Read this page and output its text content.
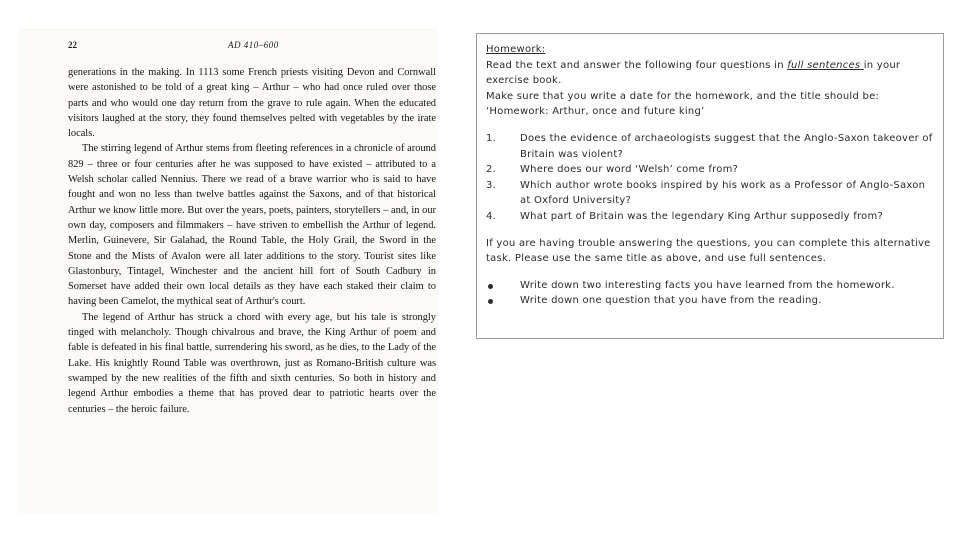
22	AD 410–600

generations in the making. In 1113 some French priests visiting Devon and Cornwall were astonished to be told of a great king – Arthur – who had once ruled over those parts and who would one day return from the grave to rule again. When the educated visitors laughed at the story, they found themselves pelted with vegetables by the irate locals.

The stirring legend of Arthur stems from fleeting references in a chronicle of around 829 – three or four centuries after he was supposed to have existed – attributed to a Welsh scholar called Nennius. There we read of a brave warrior who is said to have fought and won no less than twelve battles against the Saxons, and of that historical Arthur we know little more. But over the years, poets, painters, storytellers – and, in our own day, composers and filmmakers – have striven to embellish the Arthur of legend. Merlin, Guinevere, Sir Galahad, the Round Table, the Holy Grail, the Sword in the Stone and the Mists of Avalon were all later additions to the story. Tourist sites like Glastonbury, Tintagel, Winchester and the ancient hill fort of South Cadbury in Somerset have added their own local details as they have each staked their claim to having been Camelot, the mythical seat of Arthur's court.

The legend of Arthur has struck a chord with every age, but his tale is strongly tinged with melancholy. Though chivalrous and brave, the King Arthur of poem and fable is defeated in his final battle, surrendering his sword, as he dies, to the Lady of the Lake. His knightly Round Table was overthrown, just as Romano-British culture was swamped by the new realities of the fifth and sixth centuries. So both in history and legend Arthur embodies a theme that has proved dear to patriotic hearts over the centuries – the heroic failure.

Homework:
Read the text and answer the following four questions in full sentences in your exercise book.
Make sure that you write a date for the homework, and the title should be: ‘Homework: Arthur, once and future king’
1. Does the evidence of archaeologists suggest that the Anglo-Saxon takeover of Britain was violent?
2. Where does our word ‘Welsh’ come from?
3. Which author wrote books inspired by his work as a Professor of Anglo-Saxon at Oxford University?
4. What part of Britain was the legendary King Arthur supposedly from?
If you are having trouble answering the questions, you can complete this alternative task. Please use the same title as above, and use full sentences.
Write down two interesting facts you have learned from the homework.
Write down one question that you have from the reading.
